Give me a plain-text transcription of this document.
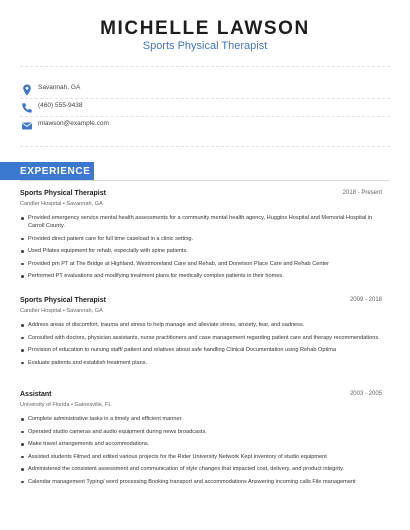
MICHELLE LAWSON
Sports Physical Therapist
Savannah, GA
(460) 555-9438
mlawson@example.com
EXPERIENCE
Sports Physical Therapist	2018 - Present
Candler Hospital • Savannah, GA
Provided emergency service mental health assessments for a community mental health agency, Huggins Hospital and Memorial Hospital in Carroll County.
Provided direct patient care for full time caseload in a clinic setting.
Used Pilates equipment for rehab, especially with spine patients.
Provided prn PT at The Bridge at Highland, Westmoreland Care and Rehab, and Donelson Place Care and Rehab Center
Performed PT evaluations and modifying treatment plans for medically complex patients in their homes.
Sports Physical Therapist	2009 - 2018
Candler Hospital • Savannah, GA
Address areas of discomfort, trauma and stress to help manage and alleviate stress, anxiety, fear, and sadness.
Consulted with doctors, physician assistants, nurse practitioners and case management regarding patient care and therapy recommendations.
Provision of education to nursing staff/ patient and relatives about safe handling Clinical Documentation using Rehab Optima
Evaluate patients and establish treatment plans.
Assistant	2003 - 2005
University of Florida • Gainesville, FL
Complete administrative tasks in a timely and efficient manner.
Operated studio cameras and audio equipment during news broadcasts.
Make travel arrangements and accommodations.
Assisted students Filmed and edited various projects for the Rider University Network Kept inventory of studio equipment
Administered the consistent assessment and communication of style changes that impacted cost, delivery, and product integrity.
Calendar management Typing/ word processing Booking transport and accommodations Answering incoming calls File management
